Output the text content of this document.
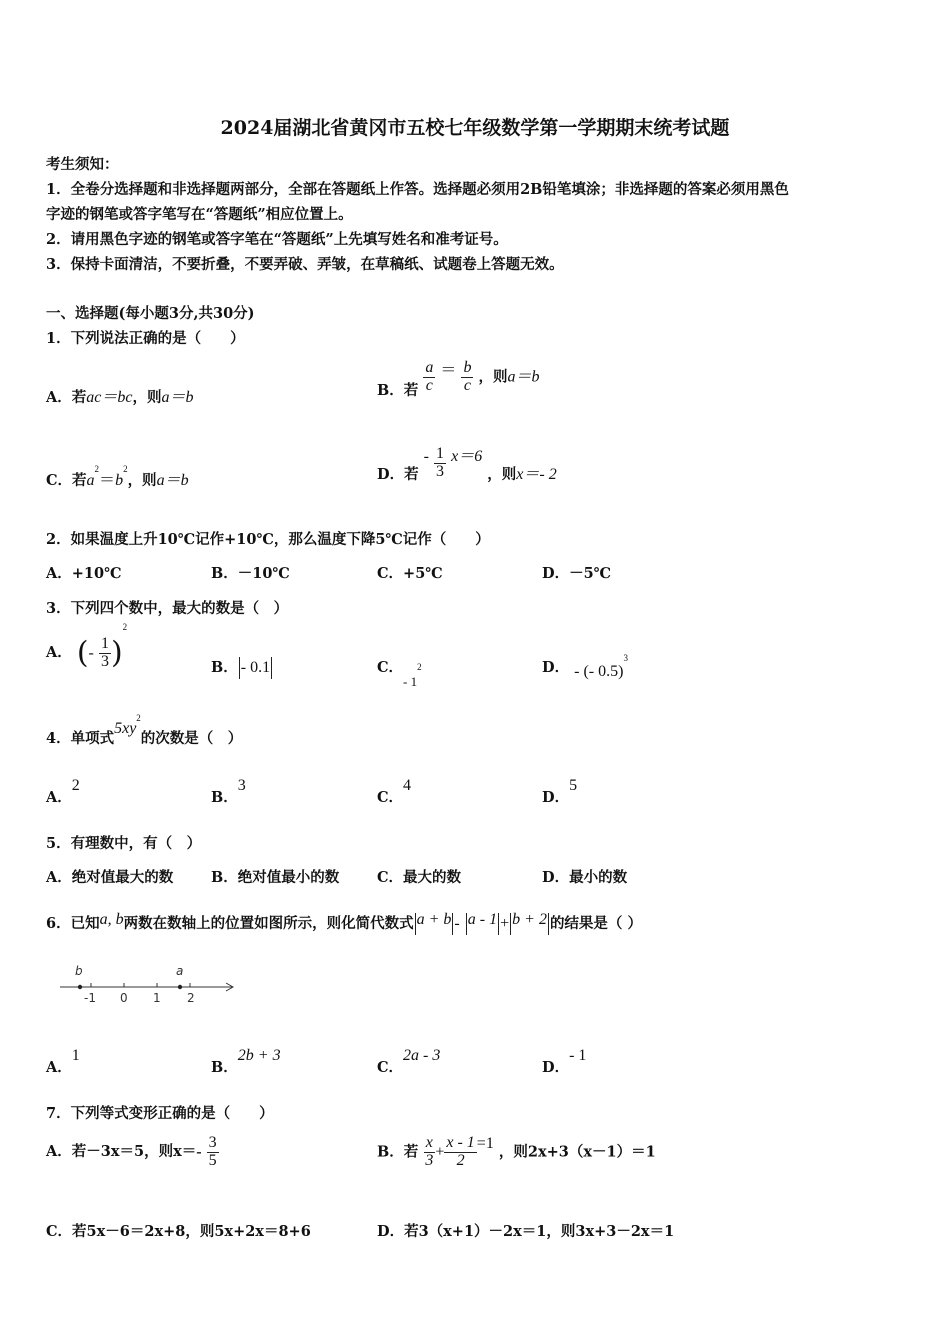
2024届湖北省黄冈市五校七年级数学第一学期期末统考试题
考生须知：
1．全卷分选择题和非选择题两部分，全部在答题纸上作答。选择题必须用2B铅笔填涂；非选择题的答案必须用黑色
字迹的钢笔或答字笔写在“答题纸”相应位置上。
2．请用黑色字迹的钢笔或答字笔在“答题纸”上先填写姓名和准考证号。
3．保持卡面清洁，不要折叠，不要弄破、弄皱，在草稿纸、试题卷上答题无效。
一、选择题(每小题3分,共30分)
1．下列说法正确的是（　　）
A．若ac＝bc，则a＝b	B．若 $\frac{a}{c} = \frac{b}{c}$ ，则a＝b
C．若$a^2=b^2$，则a＝b	D．若 - $\frac{1}{3} x=6$ ，则x＝- 2
2．如果温度上升10℃记作+10℃，那么温度下降5℃记作（　　）
A．+10℃	B．－10℃	C．+5℃	D．－5℃
3．下列四个数中，最大的数是（　）
A． (- $\frac{1}{3} )^2$
B． - 0.1	C．- $1^2$	D． - (- 0.5)$^3$
4．单项式$5xy^2$的次数是（　）
A．2
B．3
C．4
D．5
5．有理数中，有（　）
A．绝对值最大的数	B．绝对值最小的数	C．最大的数	D．最小的数
6．已知a, b两数在数轴上的位置如图所示，则化简代数式 a + b - a - 1 + b + 2 的结果是（ ）
b	a
-1 0 1 2
A．1
B．2b + 3
C．2a - 3
D．- 1
7．下列等式变形正确的是（　　）
A．若－3x＝5，则$x=- \frac{3}{5}$	B．若 $\frac{x}{3} + \frac{x - 1}{2} =1$ ，则2x+3（x－1）＝1
C．若5x－6＝2x+8，则5x+2x＝8+6	D．若3（x+1）－2x＝1，则3x+3－2x＝1
